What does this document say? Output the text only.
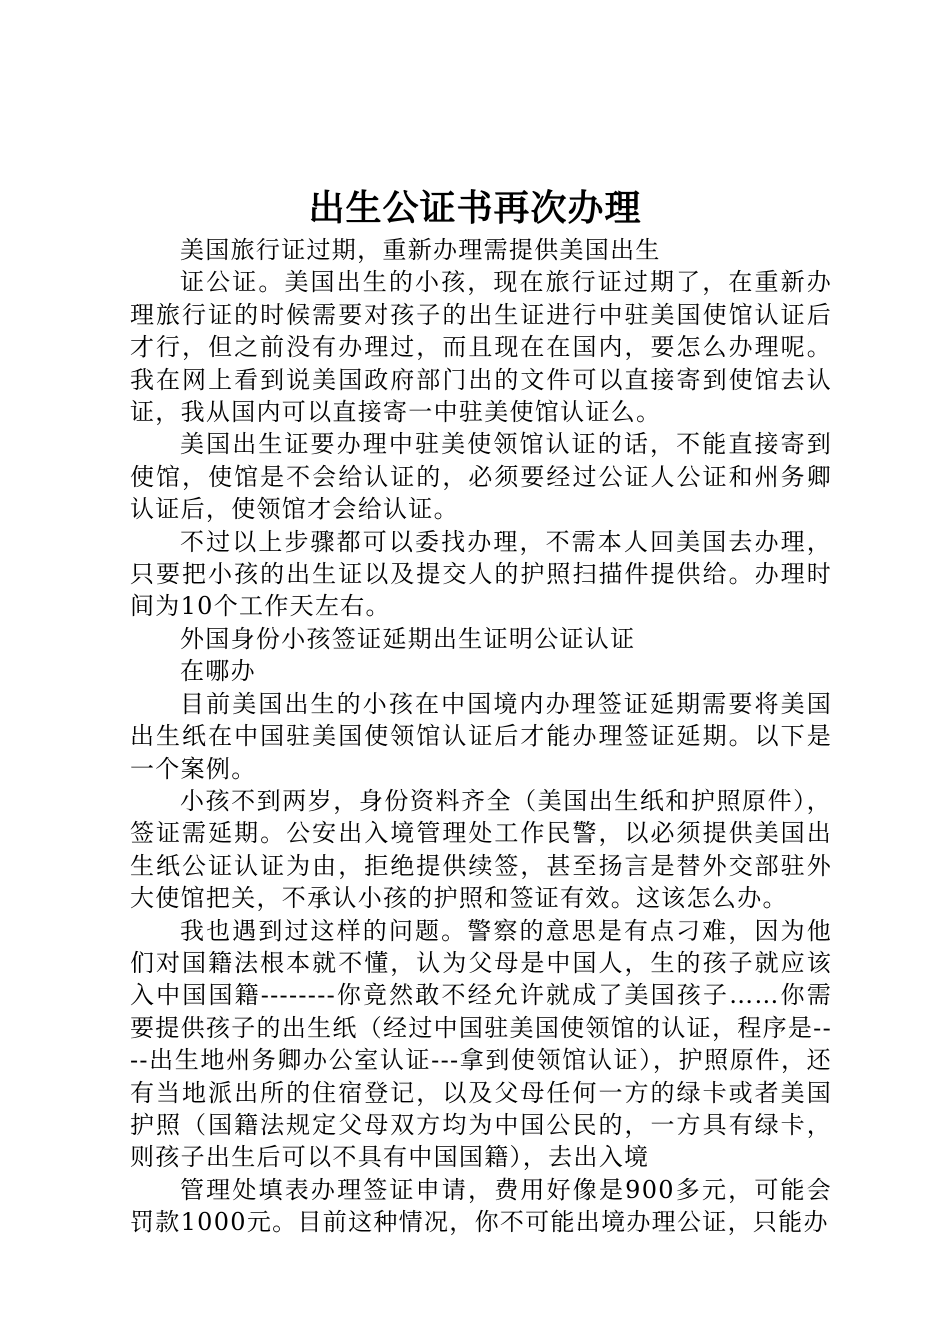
出生公证书再次办理

美国旅行证过期，重新办理需提供美国出生

证公证。美国出生的小孩，现在旅行证过期了，在重新办理旅行证的时候需要对孩子的出生证进行中驻美国使馆认证后才行，但之前没有办理过，而且现在在国内，要怎么办理呢。我在网上看到说美国政府部门出的文件可以直接寄到使馆去认证，我从国内可以直接寄一中驻美使馆认证么。

美国出生证要办理中驻美使领馆认证的话，不能直接寄到使馆，使馆是不会给认证的，必须要经过公证人公证和州务卿认证后，使领馆才会给认证。

不过以上步骤都可以委找办理，不需本人回美国去办理，只要把小孩的出生证以及提交人的护照扫描件提供给。办理时间为10个工作天左右。

外国身份小孩签证延期出生证明公证认证

在哪办

目前美国出生的小孩在中国境内办理签证延期需要将美国出生纸在中国驻美国使领馆认证后才能办理签证延期。以下是一个案例。

小孩不到两岁，身份资料齐全（美国出生纸和护照原件），签证需延期。公安出入境管理处工作民警，以必须提供美国出生纸公证认证为由，拒绝提供续签，甚至扬言是替外交部驻外大使馆把关，不承认小孩的护照和签证有效。这该怎么办。

我也遇到过这样的问题。警察的意思是有点刁难，因为他们对国籍法根本就不懂，认为父母是中国人，生的孩子就应该入中国国籍--------你竟然敢不经允许就成了美国孩子……你需要提供孩子的出生纸（经过中国驻美国使领馆的认证，程序是----出生地州务卿办公室认证---拿到使领馆认证），护照原件，还有当地派出所的住宿登记，以及父母任何一方的绿卡或者美国护照（国籍法规定父母双方均为中国公民的，一方具有绿卡，则孩子出生后可以不具有中国国籍），去出入境

管理处填表办理签证申请，费用好像是900多元，可能会罚款1000元。目前这种情况，你不可能出境办理公证，只能办
